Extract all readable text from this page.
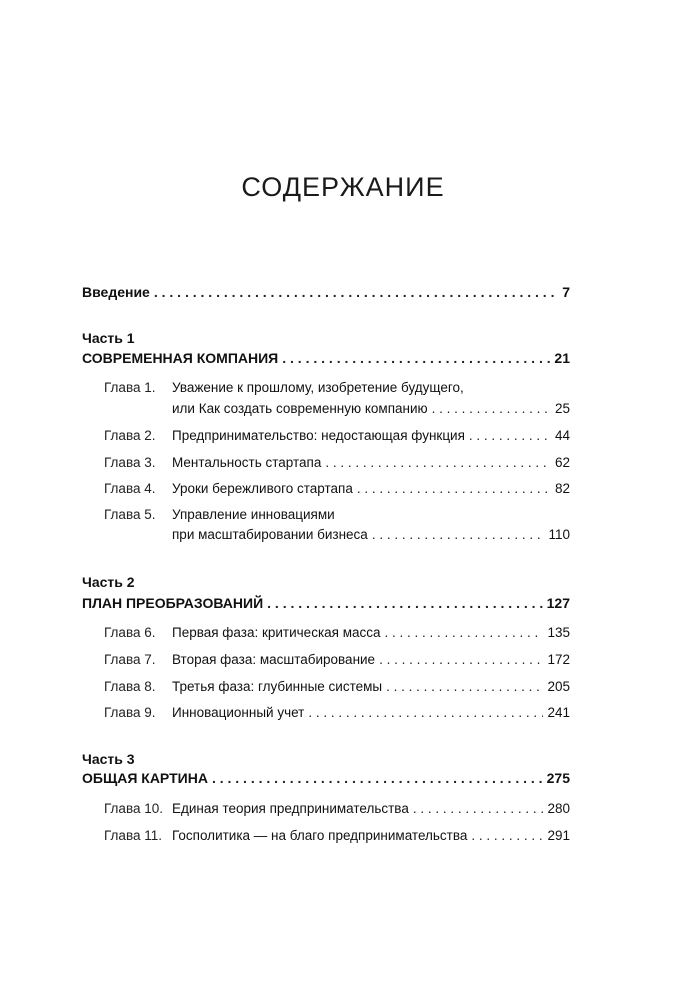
СОДЕРЖАНИЕ
Введение . . .	7
Часть 1
СОВРЕМЕННАЯ КОМПАНИЯ . . .	21
Глава 1.	Уважение к прошлому, изобретение будущего,
или Как создать современную компанию . . .	25
Глава 2.	Предпринимательство: недостающая функция . . .	44
Глава 3.	Ментальность стартапа . . .	62
Глава 4.	Уроки бережливого стартапа . . .	82
Глава 5.	Управление инновациями
при масштабировании бизнеса . . .	110
Часть 2
ПЛАН ПРЕОБРАЗОВАНИЙ . . .	127
Глава 6.	Первая фаза: критическая масса . . .	135
Глава 7.	Вторая фаза: масштабирование . . .	172
Глава 8.	Третья фаза: глубинные системы . . .	205
Глава 9.	Инновационный учет . . .	241
Часть 3
ОБЩАЯ КАРТИНА . . .	275
Глава 10. Единая теория предпринимательства . . .	280
Глава 11. Госполитика — на благо предпринимательства . . .	291
